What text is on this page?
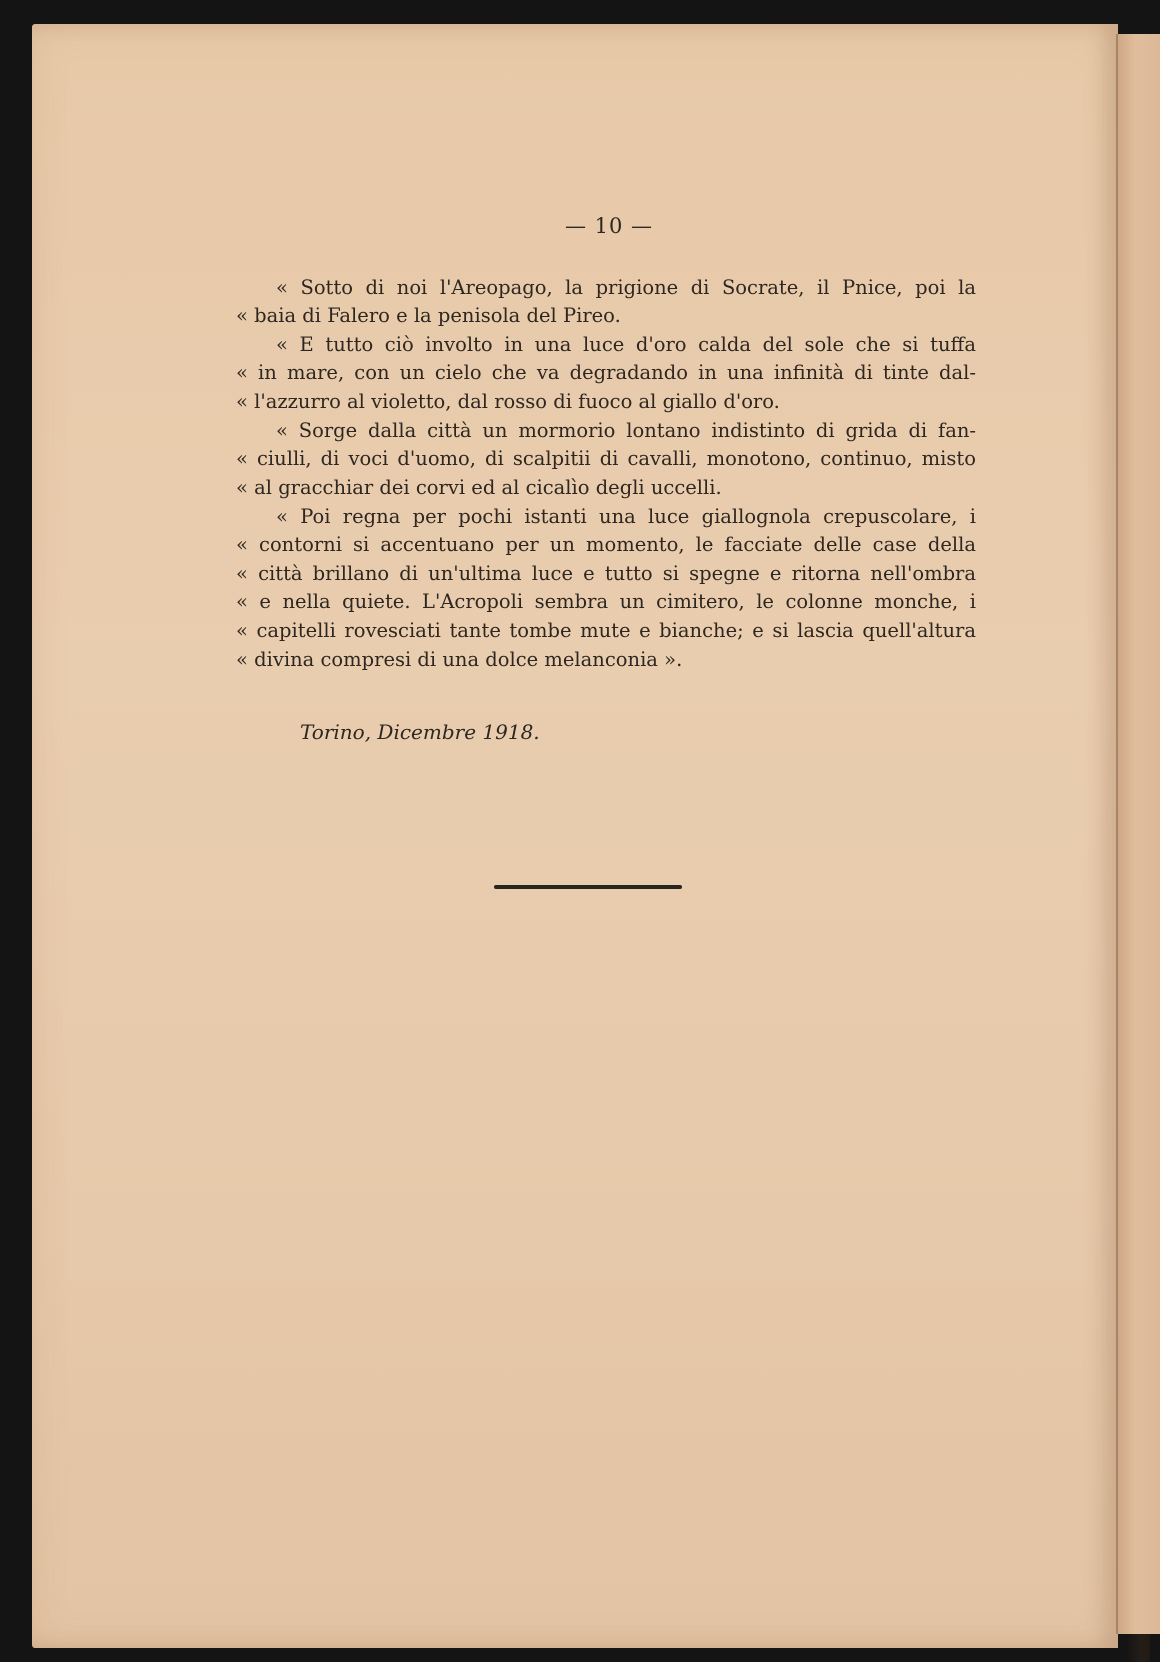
— 10 —
« Sotto di noi l'Areopago, la prigione di Socrate, il Pnice, poi la
« baia di Falero e la penisola del Pireo.
« E tutto ciò involto in una luce d'oro calda del sole che si tuffa
« in mare, con un cielo che va degradando in una infinità di tinte dal-
« l'azzurro al violetto, dal rosso di fuoco al giallo d'oro.
« Sorge dalla città un mormorio lontano indistinto di grida di fan-
« ciulli, di voci d'uomo, di scalpitii di cavalli, monotono, continuo, misto
« al gracchiar dei corvi ed al cicalìo degli uccelli.
« Poi regna per pochi istanti una luce giallognola crepuscolare, i
« contorni si accentuano per un momento, le facciate delle case della
« città brillano di un'ultima luce e tutto si spegne e ritorna nell'ombra
« e nella quiete. L'Acropoli sembra un cimitero, le colonne monche, i
« capitelli rovesciati tante tombe mute e bianche; e si lascia quell'altura
« divina compresi di una dolce melanconia ».
Torino, Dicembre 1918.
